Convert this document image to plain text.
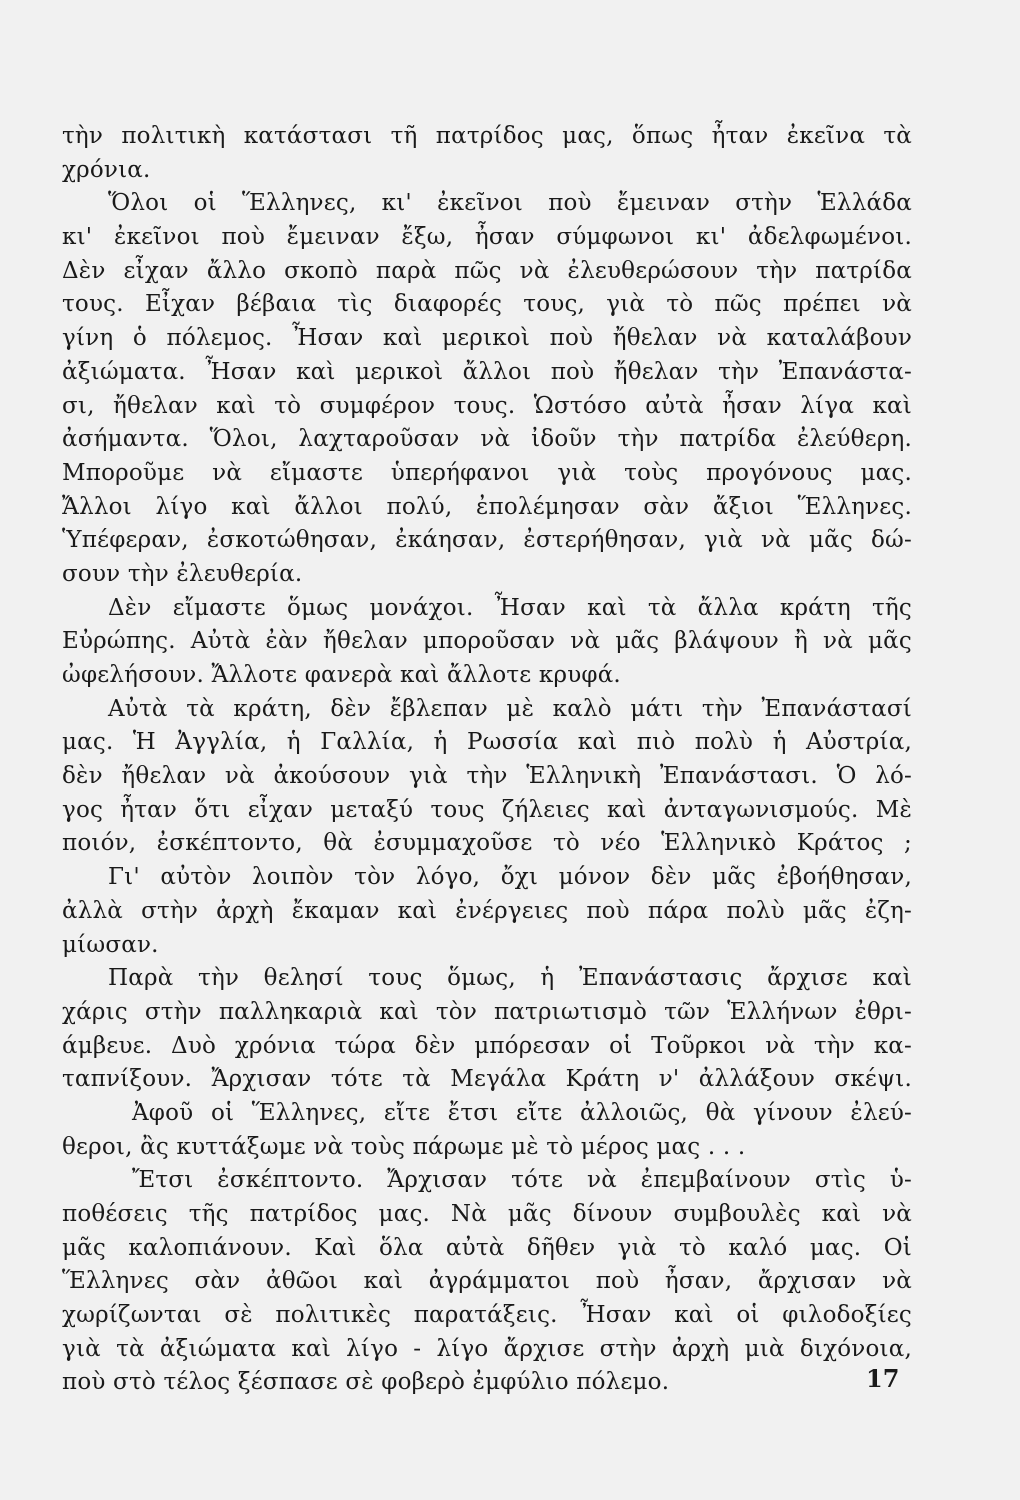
τὴν πολιτικὴ κατάστασι τῆ πατρίδος μας, ὅπως ἦταν ἐκεῖνα τὰ
χρόνια.
Ὅλοι οἱ Ἕλληνες, κι' ἐκεῖνοι ποὺ ἔμειναν στὴν Ἑλλάδα
κι' ἐκεῖνοι ποὺ ἔμειναν ἔξω, ἦσαν σύμφωνοι κι' ἀδελφωμένοι.
Δὲν εἶχαν ἄλλο σκοπὸ παρὰ πῶς νὰ ἐλευθερώσουν τὴν πατρίδα
τους. Εἶχαν βέβαια τὶς διαφορές τους, γιὰ τὸ πῶς πρέπει νὰ
γίνη ὁ πόλεμος. Ἦσαν καὶ μερικοὶ ποὺ ἤθελαν νὰ καταλάβουν
ἀξιώματα. Ἦσαν καὶ μερικοὶ ἄλλοι ποὺ ἤθελαν τὴν Ἐπανάστα-
σι, ἤθελαν καὶ τὸ συμφέρον τους. Ὡστόσο αὐτὰ ἦσαν λίγα καὶ
ἀσήμαντα. Ὅλοι, λαχταροῦσαν νὰ ἰδοῦν τὴν πατρίδα ἐλεύθερη.
Μποροῦμε νὰ εἴμαστε ὑπερήφανοι γιὰ τοὺς προγόνους μας.
Ἄλλοι λίγο καὶ ἄλλοι πολύ, ἐπολέμησαν σὰν ἄξιοι Ἕλληνες.
Ὑπέφεραν, ἐσκοτώθησαν, ἐκάησαν, ἐστερήθησαν, γιὰ νὰ μᾶς δώ-
σουν τὴν ἐλευθερία.
Δὲν εἴμαστε ὅμως μονάχοι. Ἦσαν καὶ τὰ ἄλλα κράτη τῆς
Εὐρώπης. Αὐτὰ ἐὰν ἤθελαν μποροῦσαν νὰ μᾶς βλάψουν ἢ νὰ μᾶς
ὠφελήσουν. Ἄλλοτε φανερὰ καὶ ἄλλοτε κρυφά.
Αὐτὰ τὰ κράτη, δὲν ἔβλεπαν μὲ καλὸ μάτι τὴν Ἐπανάστασί
μας. Ἡ Ἀγγλία, ἡ Γαλλία, ἡ Ρωσσία καὶ πιὸ πολὺ ἡ Αὐστρία,
δὲν ἤθελαν νὰ ἀκούσουν γιὰ τὴν Ἑλληνικὴ Ἐπανάστασι. Ὁ λό-
γος ἦταν ὅτι εἶχαν μεταξύ τους ζήλειες καὶ ἀνταγωνισμούς. Μὲ
ποιόν, ἐσκέπτοντο, θὰ ἐσυμμαχοῦσε τὸ νέο Ἑλληνικὸ Κράτος ;
Γι' αὐτὸν λοιπὸν τὸν λόγο, ὄχι μόνον δὲν μᾶς ἐβοήθησαν,
ἀλλὰ στὴν ἀρχὴ ἔκαμαν καὶ ἐνέργειες ποὺ πάρα πολὺ μᾶς ἐζη-
μίωσαν.
Παρὰ τὴν θελησί τους ὅμως, ἡ Ἐπανάστασις ἄρχισε καὶ
χάρις στὴν παλληκαριὰ καὶ τὸν πατριωτισμὸ τῶν Ἑλλήνων ἐθρι-
άμβευε. Δυὸ χρόνια τώρα δὲν μπόρεσαν οἱ Τοῦρκοι νὰ τὴν κα-
ταπνίξουν. Ἄρχισαν τότε τὰ Μεγάλα Κράτη ν' ἀλλάξουν σκέψι.
Ἀφοῦ οἱ Ἕλληνες, εἴτε ἔτσι εἴτε ἀλλοιῶς, θὰ γίνουν ἐλεύ-
θεροι, ἂς κυττάξωμε νὰ τοὺς πάρωμε μὲ τὸ μέρος μας . . .
Ἔτσι ἐσκέπτοντο. Ἄρχισαν τότε νὰ ἐπεμβαίνουν στὶς ὑ-
ποθέσεις τῆς πατρίδος μας. Νὰ μᾶς δίνουν συμβουλὲς καὶ νὰ
μᾶς καλοπιάνουν. Καὶ ὅλα αὐτὰ δῆθεν γιὰ τὸ καλό μας. Οἱ
Ἕλληνες σὰν ἀθῶοι καὶ ἀγράμματοι ποὺ ἦσαν, ἄρχισαν νὰ
χωρίζωνται σὲ πολιτικὲς παρατάξεις. Ἦσαν καὶ οἱ φιλοδοξίες
γιὰ τὰ ἀξιώματα καὶ λίγο - λίγο ἄρχισε στὴν ἀρχὴ μιὰ διχόνοια,
ποὺ στὸ τέλος ξέσπασε σὲ φοβερὸ ἐμφύλιο πόλεμο.	17
